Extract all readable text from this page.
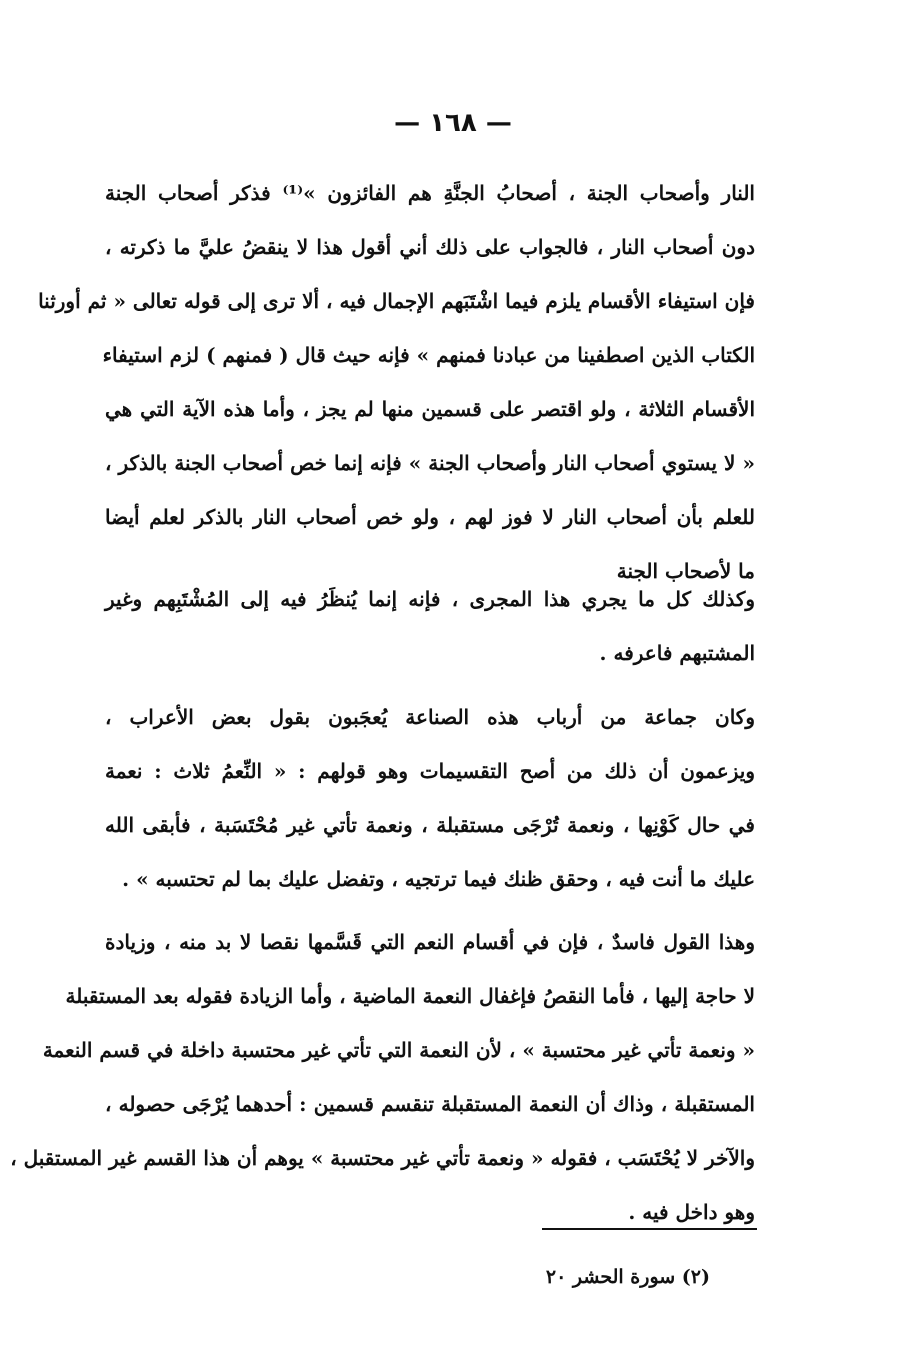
— ١٦٨ —
النار وأصحاب الجنة ، أصحابُ الجنَّةِ هم الفائزون »⁽¹⁾ فذكر أصحاب الجنة
دون أصحاب النار ، فالجواب على ذلك أني أقول هذا لا ينقضُ عليَّ ما ذكرته ،
فإن استيفاء الأقسام يلزم فيما اشْتَبَهم الإجمال فيه ، ألا ترى إلى قوله تعالى « ثم أورثنا
الكتاب الذين اصطفينا من عبادنا فمنهم » فإنه حيث قال ( فمنهم ) لزم استيفاء
الأقسام الثلاثة ، ولو اقتصر على قسمين منها لم يجز ، وأما هذه الآية التي هي
« لا يستوي أصحاب النار وأصحاب الجنة » فإنه إنما خص أصحاب الجنة بالذكر ،
للعلم بأن أصحاب النار لا فوز لهم ، ولو خص أصحاب النار بالذكر لعلم أيضا
ما لأصحاب الجنة
وكذلك كل ما يجري هذا المجرى ، فإنه إنما يُنظَرُ فيه إلى المُشْتَبِهم وغير
المشتبهم فاعرفه .
وكان جماعة من أرباب هذه الصناعة يُعجَبون بقول بعض الأعراب ،
ويزعمون أن ذلك من أصح التقسيمات وهو قولهم : « النِّعمُ ثلاث : نعمة
في حال كَوْنِها ، ونعمة تُرْجَى مستقبلة ، ونعمة تأتي غير مُحْتَسَبة ، فأبقى الله
عليك ما أنت فيه ، وحقق ظنك فيما ترتجيه ، وتفضل عليك بما لم تحتسبه » .
وهذا القول فاسدٌ ، فإن في أقسام النعم التي قَسَّمها نقصا لا بد منه ، وزيادة
لا حاجة إليها ، فأما النقصُ فإغفال النعمة الماضية ، وأما الزيادة فقوله بعد المستقبلة
« ونعمة تأتي غير محتسبة » ، لأن النعمة التي تأتي غير محتسبة داخلة في قسم النعمة
المستقبلة ، وذاك أن النعمة المستقبلة تنقسم قسمين : أحدهما يُرْجَى حصوله ،
والآخر لا يُحْتَسَب ، فقوله « ونعمة تأتي غير محتسبة » يوهم أن هذا القسم غير المستقبل ،
وهو داخل فيه .
(٢) سورة الحشر ٢٠
